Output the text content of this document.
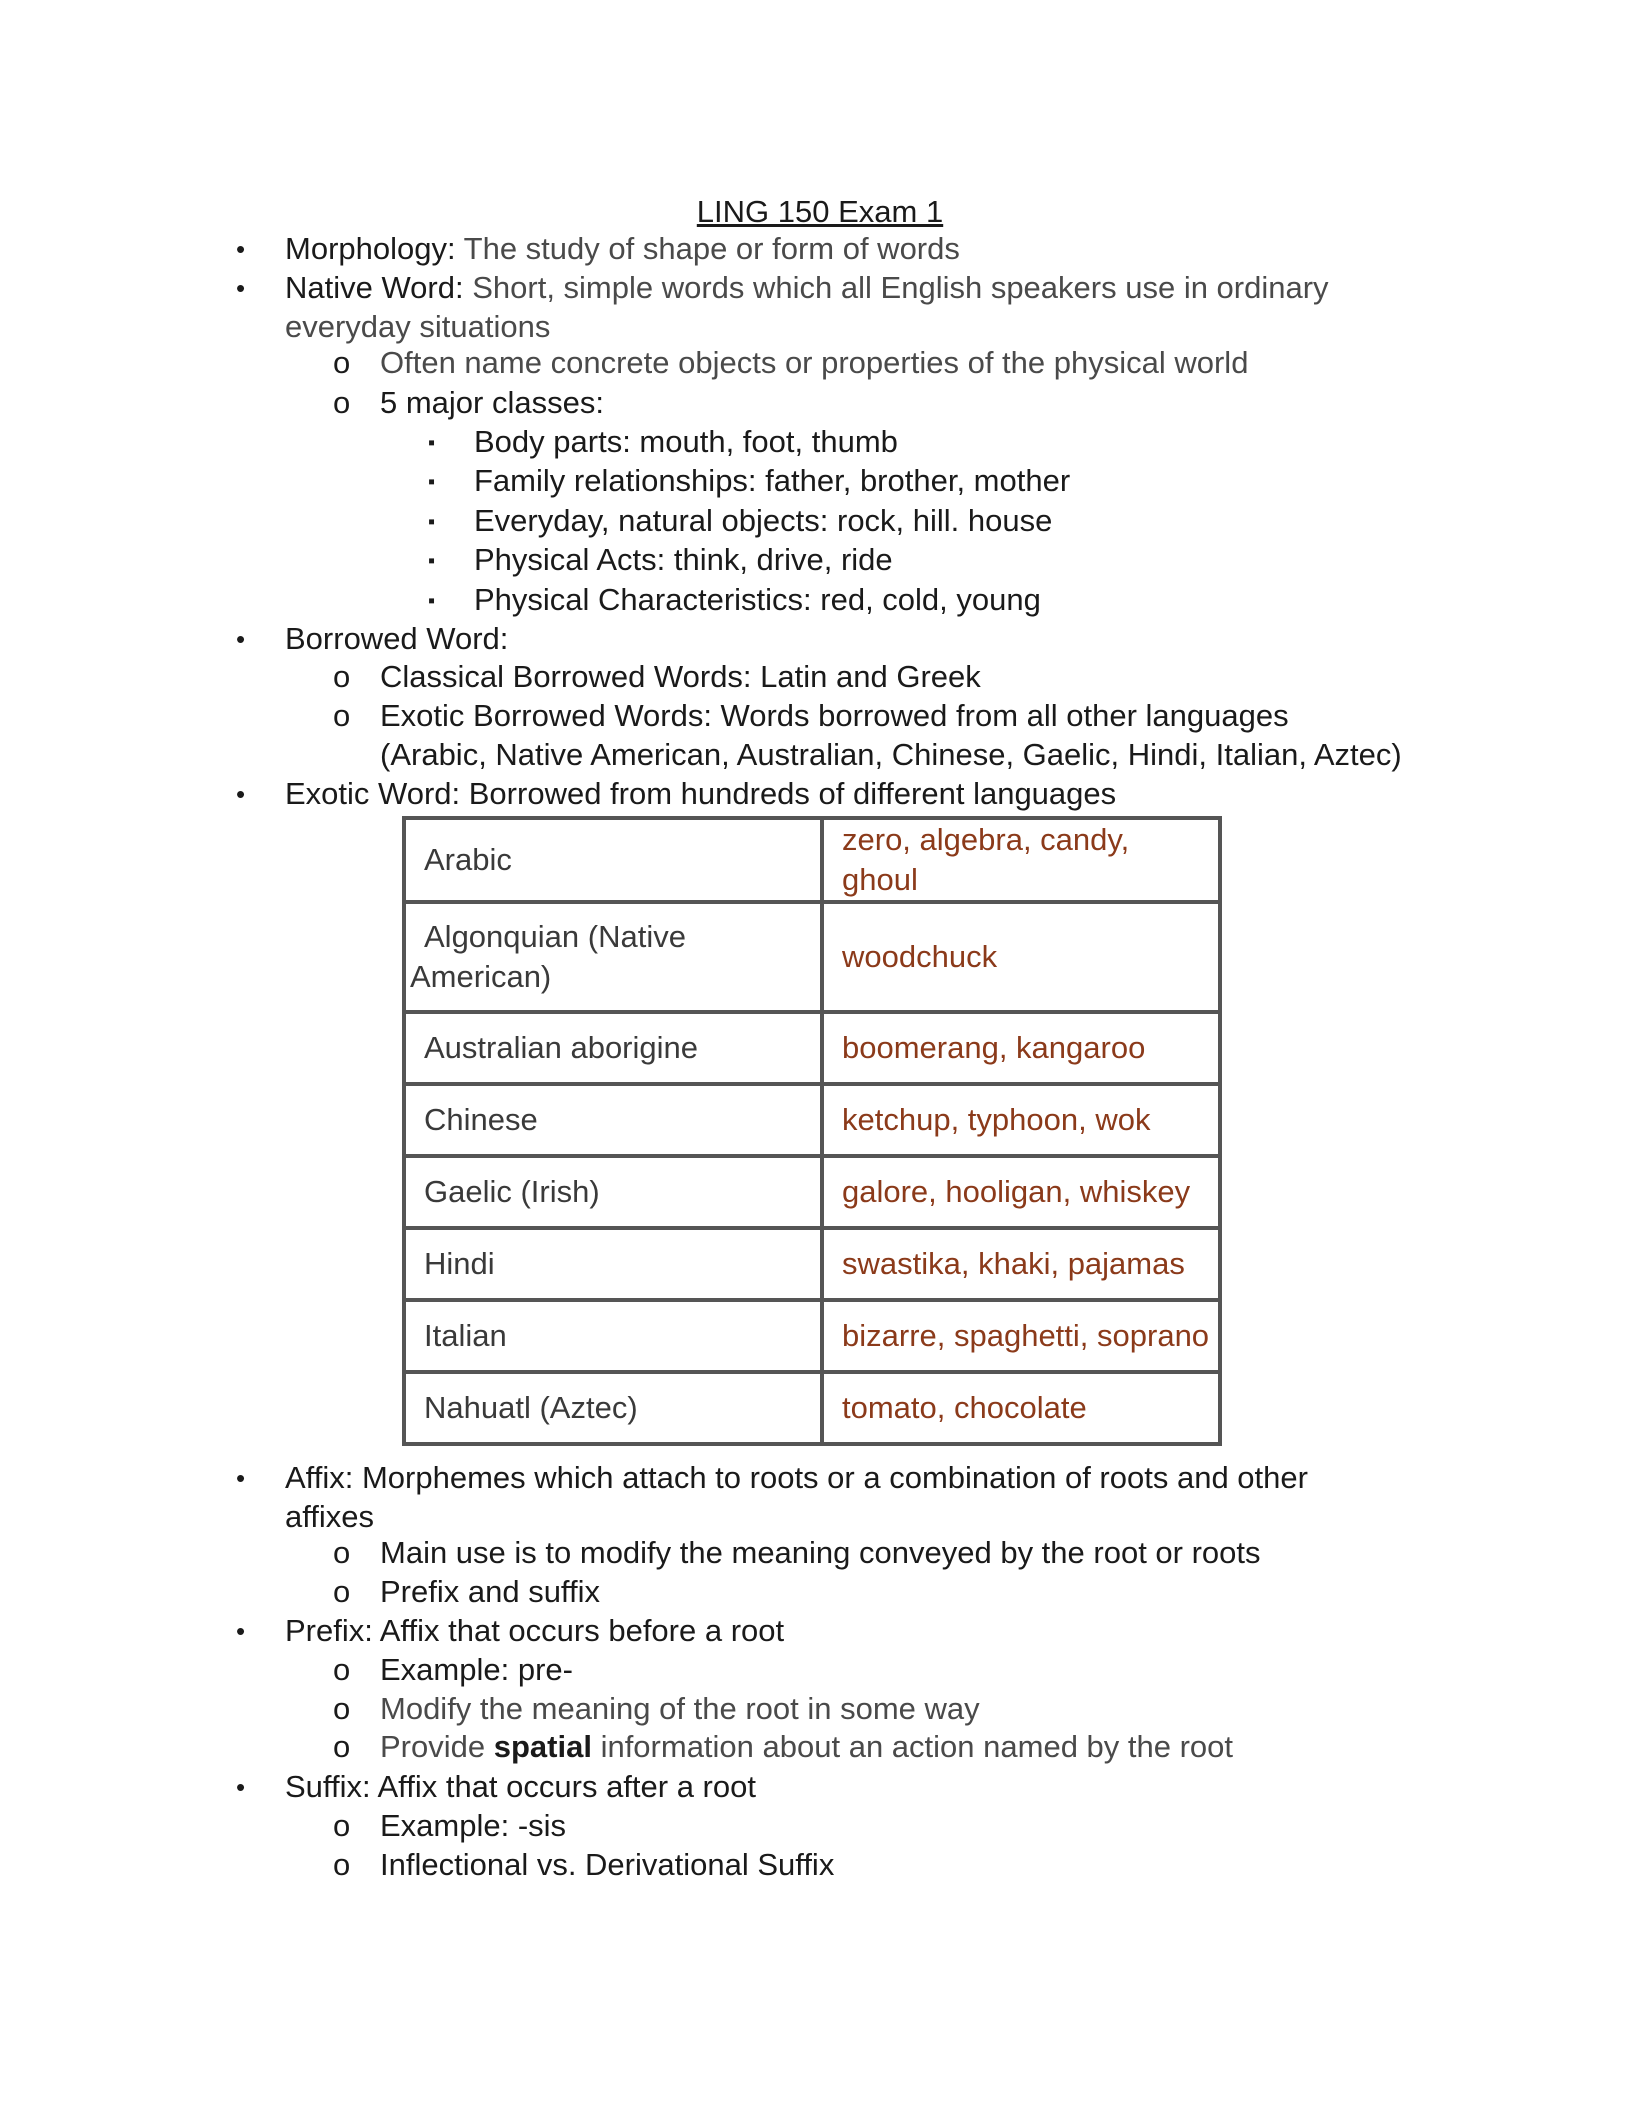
LING 150 Exam 1
• Morphology: The study of shape or form of words
• Native Word: Short, simple words which all English speakers use in ordinary
everyday situations
o Often name concrete objects or properties of the physical world
o 5 major classes:
▪ Body parts: mouth, foot, thumb
▪ Family relationships: father, brother, mother
▪ Everyday, natural objects: rock, hill. house
▪ Physical Acts: think, drive, ride
▪ Physical Characteristics: red, cold, young
• Borrowed Word:
o Classical Borrowed Words: Latin and Greek
o Exotic Borrowed Words: Words borrowed from all other languages
(Arabic, Native American, Australian, Chinese, Gaelic, Hindi, Italian, Aztec)
• Exotic Word: Borrowed from hundreds of different languages
Arabic	zero, algebra, candy, ghoul
Algonquian (Native American)	woodchuck
Australian aborigine	boomerang, kangaroo
Chinese	ketchup, typhoon, wok
Gaelic (Irish)	galore, hooligan, whiskey
Hindi	swastika, khaki, pajamas
Italian	bizarre, spaghetti, soprano
Nahuatl (Aztec)	tomato, chocolate
• Affix: Morphemes which attach to roots or a combination of roots and other
affixes
o Main use is to modify the meaning conveyed by the root or roots
o Prefix and suffix
• Prefix: Affix that occurs before a root
o Example: pre-
o Modify the meaning of the root in some way
o Provide spatial information about an action named by the root
• Suffix: Affix that occurs after a root
o Example: -sis
o Inflectional vs. Derivational Suffix
